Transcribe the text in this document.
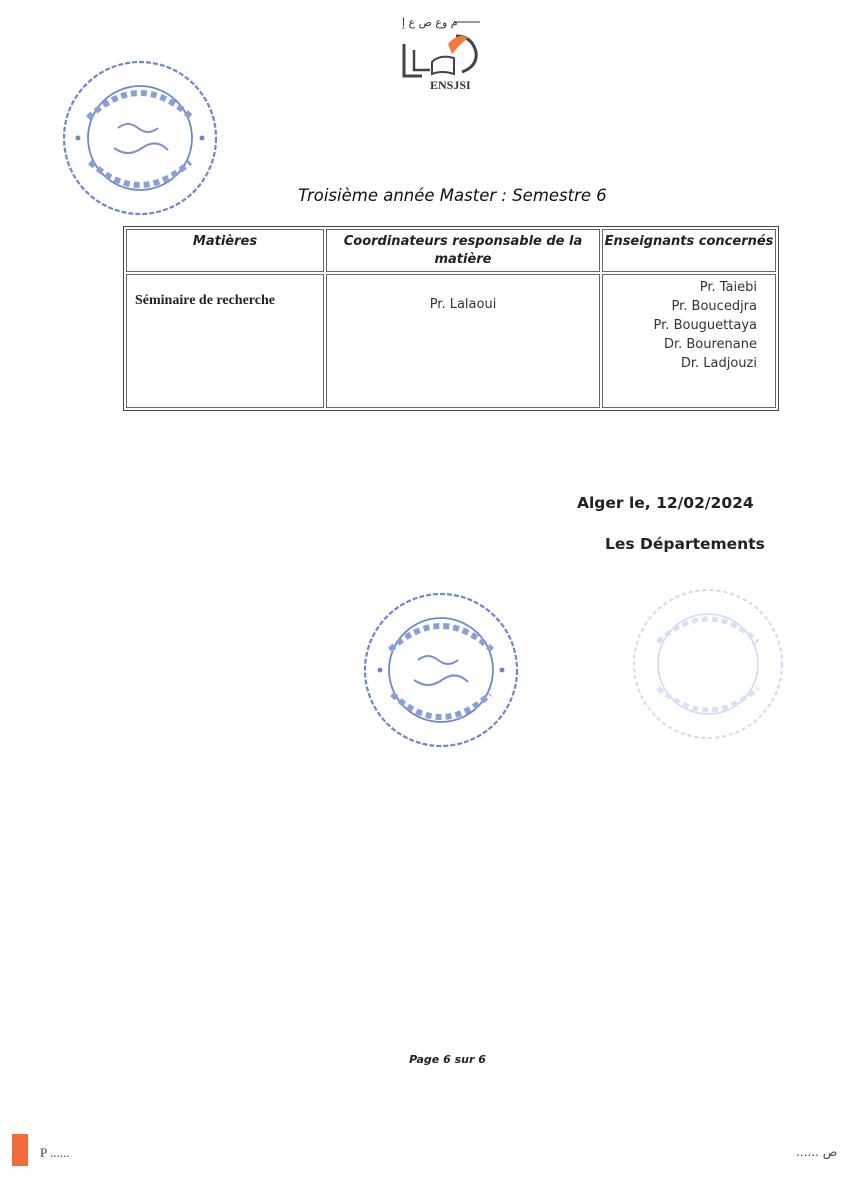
م وع ص ع إ
ENSJSI
Troisième année Master : Semestre 6
Matières	Coordinateurs responsable de la matière	Enseignants concernés
Séminaire de recherche	Pr. Lalaoui	Pr. Taiebi
Pr. Boucedjra
Pr. Bouguettaya
Dr. Bourenane
Dr. Ladjouzi
Alger le, 12/02/2024
Les Départements
Page 6 sur 6
P ......	...... ص
